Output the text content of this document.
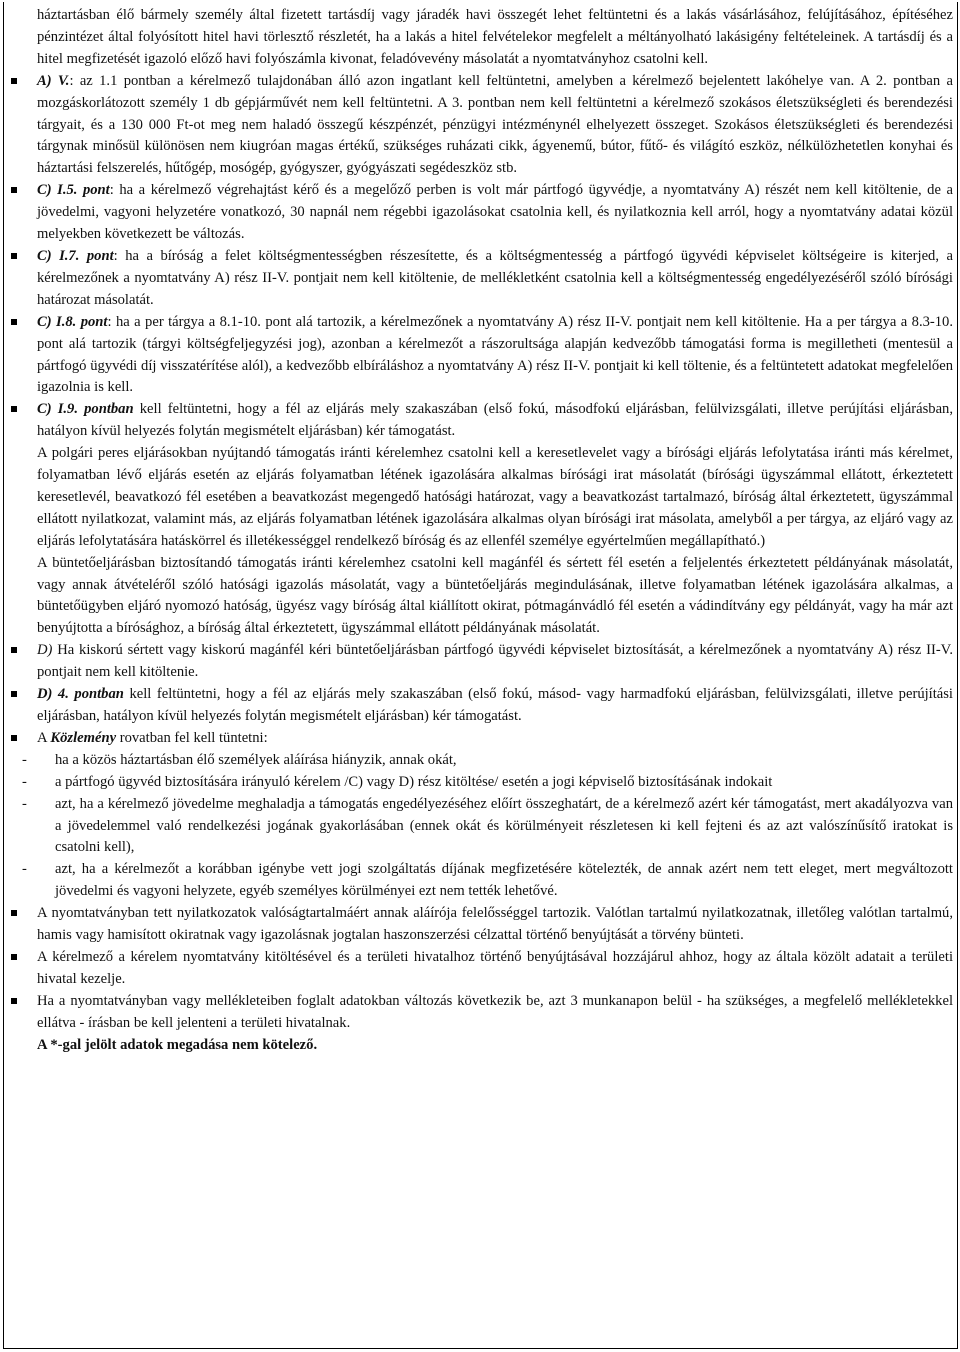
háztartásban élő bármely személy által fizetett tartásdíj vagy járadék havi összegét lehet feltüntetni és a lakás vásárlásához, felújításához, építéséhez pénzintézet által folyósított hitel havi törlesztő részletét, ha a lakás a hitel felvételekor megfelelt a méltányolható lakásigény feltételeinek. A tartásdíj és a hitel megfizetését igazoló előző havi folyószámla kivonat, feladóvevény másolatát a nyomtatványhoz csatolni kell.

A) V.: az 1.1 pontban a kérelmező tulajdonában álló azon ingatlant kell feltüntetni, amelyben a kérelmező bejelentett lakóhelye van. A 2. pontban a mozgáskorlátozott személy 1 db gépjárművét nem kell feltüntetni. A 3. pontban nem kell feltüntetni a kérelmező szokásos életszükségleti és berendezési tárgyait, és a 130 000 Ft-ot meg nem haladó összegű készpénzét, pénzügyi intézménynél elhelyezett összeget. Szokásos életszükségleti és berendezési tárgynak minősül különösen nem kiugróan magas értékű, szükséges ruházati cikk, ágyenemű, bútor, fűtő- és világító eszköz, nélkülözhetetlen konyhai és háztartási felszerelés, hűtőgép, mosógép, gyógyszer, gyógyászati segédeszköz stb.
C) I.5. pont: ha a kérelmező végrehajtást kérő és a megelőző perben is volt már pártfogó ügyvédje, a nyomtatvány A) részét nem kell kitöltenie, de a jövedelmi, vagyoni helyzetére vonatkozó, 30 napnál nem régebbi igazolásokat csatolnia kell, és nyilatkoznia kell arról, hogy a nyomtatvány adatai közül melyekben következett be változás.
C) I.7. pont: ha a bíróság a felet költségmentességben részesítette, és a költségmentesség a pártfogó ügyvédi képviselet költségeire is kiterjed, a kérelmezőnek a nyomtatvány A) rész II-V. pontjait nem kell kitöltenie, de mellékletként csatolnia kell a költségmentesség engedélyezéséről szóló bírósági határozat másolatát.
C) I.8. pont: ha a per tárgya a 8.1-10. pont alá tartozik, a kérelmezőnek a nyomtatvány A) rész II-V. pontjait nem kell kitöltenie. Ha a per tárgya a 8.3-10. pont alá tartozik (tárgyi költségfeljegyzési jog), azonban a kérelmezőt a rászorultsága alapján kedvezőbb támogatási forma is megilletheti (mentesül a pártfogó ügyvédi díj visszatérítése alól), a kedvezőbb elbíráláshoz a nyomtatvány A) rész II-V. pontjait ki kell töltenie, és a feltüntetett adatokat megfelelően igazolnia is kell.
C) I.9. pontban kell feltüntetni, hogy a fél az eljárás mely szakaszában (első fokú, másodfokú eljárásban, felülvizsgálati, illetve perújítási eljárásban, hatályon kívül helyezés folytán megismételt eljárásban) kér támogatást.

A polgári peres eljárásokban nyújtandó támogatás iránti kérelemhez csatolni kell a keresetlevelet vagy a bírósági eljárás lefolytatása iránti más kérelmet, folyamatban lévő eljárás esetén az eljárás folyamatban létének igazolására alkalmas bírósági irat másolatát (bírósági ügyszámmal ellátott, érkeztetett keresetlevél, beavatkozó fél esetében a beavatkozást megengedő hatósági határozat, vagy a beavatkozást tartalmazó, bíróság által érkeztetett, ügyszámmal ellátott nyilatkozat, valamint más, az eljárás folyamatban létének igazolására alkalmas olyan bírósági irat másolata, amelyből a per tárgya, az eljáró vagy az eljárás lefolytatására hatáskörrel és illetékességgel rendelkező bíróság és az ellenfél személye egyértelműen megállapítható.)

A büntetőeljárásban biztosítandó támogatás iránti kérelemhez csatolni kell magánfél és sértett fél esetén a feljelentés érkeztetett példányának másolatát, vagy annak átvételéről szóló hatósági igazolás másolatát, vagy a büntetőeljárás megindulásának, illetve folyamatban létének igazolására alkalmas, a büntetőügyben eljáró nyomozó hatóság, ügyész vagy bíróság által kiállított okirat, pótmagánvádló fél esetén a vádindítvány egy példányát, vagy ha már azt benyújtotta a bírósághoz, a bíróság által érkeztetett, ügyszámmal ellátott példányának másolatát.

D) Ha kiskorú sértett vagy kiskorú magánfél kéri büntetőeljárásban pártfogó ügyvédi képviselet biztosítását, a kérelmezőnek a nyomtatvány A) rész II-V. pontjait nem kell kitöltenie.
D) 4. pontban kell feltüntetni, hogy a fél az eljárás mely szakaszában (első fokú, másod- vagy harmadfokú eljárásban, felülvizsgálati, illetve perújítási eljárásban, hatályon kívül helyezés folytán megismételt eljárásban) kér támogatást.
A Közlemény rovatban fel kell tüntetni:
- ha a közös háztartásban élő személyek aláírása hiányzik, annak okát,
- a pártfogó ügyvéd biztosítására irányuló kérelem /C) vagy D) rész kitöltése/ esetén a jogi képviselő biztosításának indokait
- azt, ha a kérelmező jövedelme meghaladja a támogatás engedélyezéséhez előírt összeghatárt, de a kérelmező azért kér támogatást, mert akadályozva van a jövedelemmel való rendelkezési jogának gyakorlásában (ennek okát és körülményeit részletesen ki kell fejteni és az azt valószínűsítő iratokat is csatolni kell),
- azt, ha a kérelmezőt a korábban igénybe vett jogi szolgáltatás díjának megfizetésére kötelezték, de annak azért nem tett eleget, mert megváltozott jövedelmi és vagyoni helyzete, egyéb személyes körülményei ezt nem tették lehetővé.
A nyomtatványban tett nyilatkozatok valóságtartalmáért annak aláírója felelősséggel tartozik. Valótlan tartalmú nyilatkozatnak, illetőleg valótlan tartalmú, hamis vagy hamisított okiratnak vagy igazolásnak jogtalan haszonszerzési célzattal történő benyújtását a törvény bünteti.
A kérelmező a kérelem nyomtatvány kitöltésével és a területi hivatalhoz történő benyújtásával hozzájárul ahhoz, hogy az általa közölt adatait a területi hivatal kezelje.
Ha a nyomtatványban vagy mellékleteiben foglalt adatokban változás következik be, azt 3 munkanapon belül - ha szükséges, a megfelelő mellékletekkel ellátva - írásban be kell jelenteni a területi hivatalnak.

A *-gal jelölt adatok megadása nem kötelező.
